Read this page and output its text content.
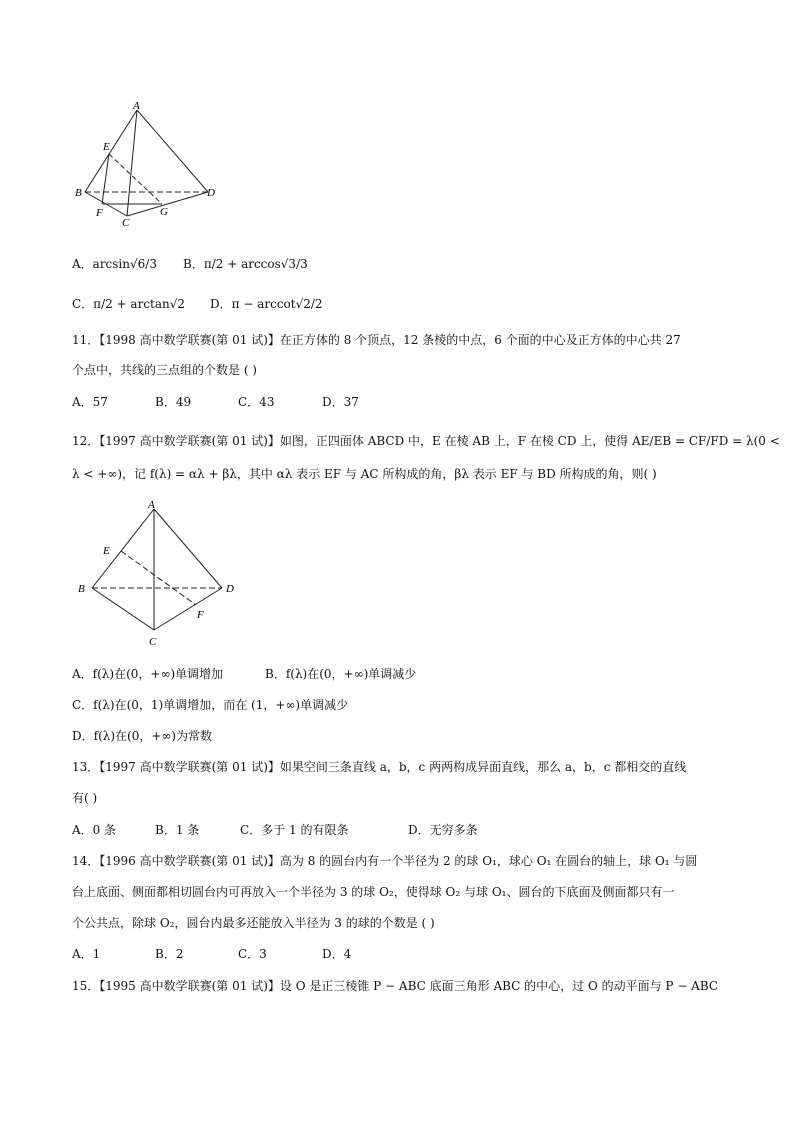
A
E
B
F
C
G
D
A．arcsin√6/3 B．π/2 + arccos√3/3
C．π/2 + arctan√2 D．π − arccot√2/2
11．【1998 高中数学联赛(第 01 试)】在正方体的 8 个顶点，12 条棱的中点，6 个面的中心及正方体的中心共 27
个点中，共线的三点组的个数是 ( )
A．57	B．49	C．43	D．37
12．【1997 高中数学联赛(第 01 试)】如图，正四面体 ABCD 中，E 在棱 AB 上，F 在棱 CD 上，使得 AE/EB = CF/FD = λ(0 <
λ < +∞)，记 f(λ) = αλ + βλ，其中 αλ 表示 EF 与 AC 所构成的角，βλ 表示 EF 与 BD 所构成的角，则( )
A
E
B	D
F
C
A．f(λ)在(0，+∞)单调增加	B．f(λ)在(0，+∞)单调减少
C．f(λ)在(0，1)单调增加，而在 (1，+∞)单调减少
D．f(λ)在(0，+∞)为常数
13．【1997 高中数学联赛(第 01 试)】如果空间三条直线 a，b，c 两两构成异面直线，那么 a，b，c 都相交的直线
有( )
A．0 条	B．1 条	C．多于 1 的有限条	D．无穷多条
14．【1996 高中数学联赛(第 01 试)】高为 8 的圆台内有一个半径为 2 的球 O₁，球心 O₁ 在圆台的轴上，球 O₁ 与圆
台上底面、侧面都相切圆台内可再放入一个半径为 3 的球 O₂，使得球 O₂ 与球 O₁、圆台的下底面及侧面都只有一
个公共点，除球 O₂，圆台内最多还能放入半径为 3 的球的个数是 ( )
A．1	B．2	C．3	D．4
15．【1995 高中数学联赛(第 01 试)】设 O 是正三棱锥 P − ABC 底面三角形 ABC 的中心，过 O 的动平面与 P − ABC
